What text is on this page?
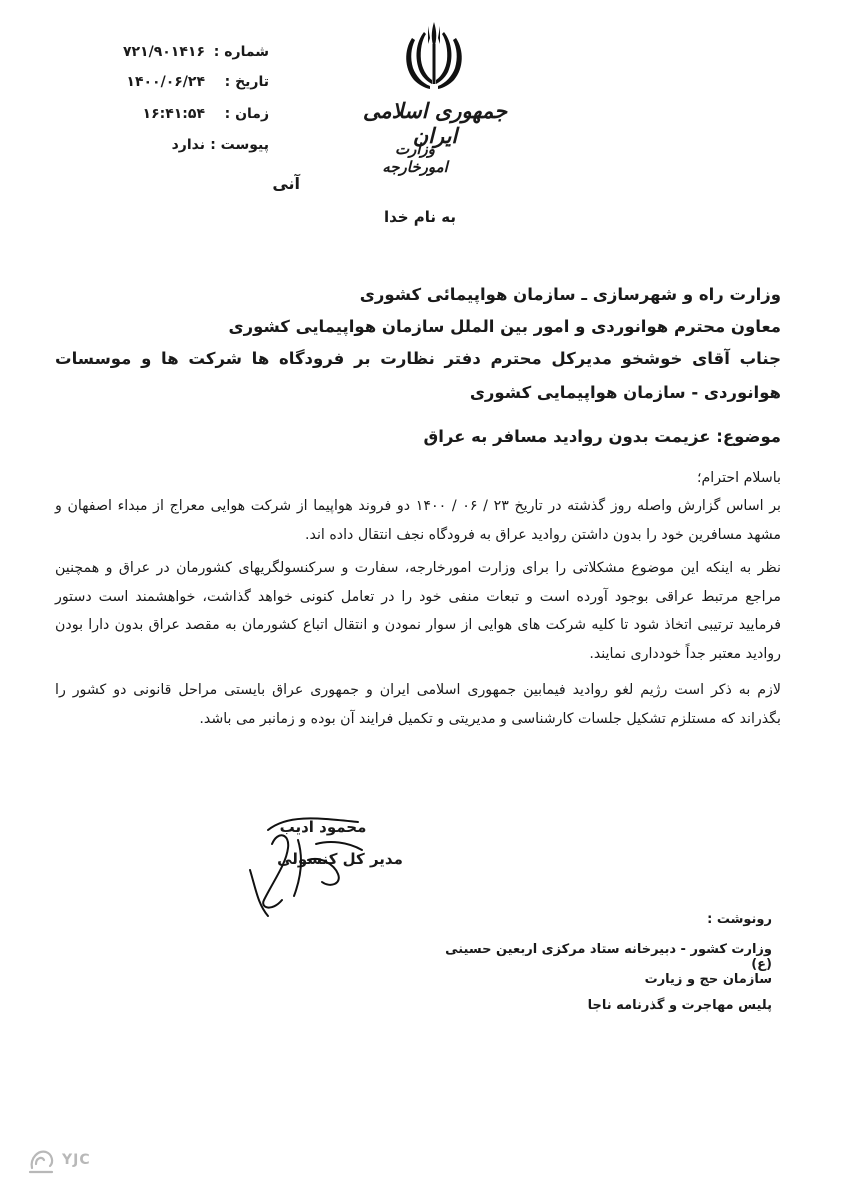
جمهوری اسلامی ایران
وزارت امورخارجه
شماره :
۷۲۱/۹۰۱۴۱۶
تاریخ :
۱۴۰۰/۰۶/۲۴
زمان :
۱۶:۴۱:۵۴
پیوست :
ندارد
آنی
به نام خدا
وزارت راه و شهرسازی ـ سازمان هواپیمائی کشوری
معاون محترم هوانوردی و امور بین الملل سازمان هواپیمایی کشوری
جناب آقای خوشخو مدیرکل محترم دفتر نظارت بر فرودگاه ها شرکت ها و موسسات هوانوردی - سازمان هواپیمایی کشوری
موضوع: عزیمت بدون روادید مسافر به عراق
باسلام احترام؛
بر اساس گزارش واصله روز گذشته در تاریخ ۲۳ / ۰۶ / ۱۴۰۰ دو فروند هواپیما از شرکت هوایی معراج از مبداء اصفهان و مشهد مسافرین خود را بدون داشتن روادید عراق به فرودگاه نجف انتقال داده اند.
نظر به اینکه این موضوع مشکلاتی را برای وزارت امورخارجه، سفارت و سرکنسولگریهای کشورمان در عراق و همچنین مراجع مرتبط عراقی بوجود آورده است و تبعات منفی خود را در تعامل کنونی خواهد گذاشت، خواهشمند است دستور فرمایید ترتیبی اتخاذ شود تا کلیه شرکت های هوایی از سوار نمودن و انتقال اتباع کشورمان به مقصد عراق بدون دارا بودن روادید معتبر جداً خودداری نمایند.
لازم به ذکر است رژیم لغو روادید فیمابین جمهوری اسلامی ایران و جمهوری عراق بایستی مراحل قانونی دو کشور را بگذراند که مستلزم تشکیل جلسات کارشناسی و مدیریتی و تکمیل فرایند آن بوده و زمانبر می باشد.
محمود ادیب
مدیر کل کنسولی
رونوشت :
وزارت کشور - دبیرخانه ستاد مرکزی اربعین حسینی (ع)
سازمان حج و زیارت
پلیس مهاجرت و گذرنامه ناجا
YJC
